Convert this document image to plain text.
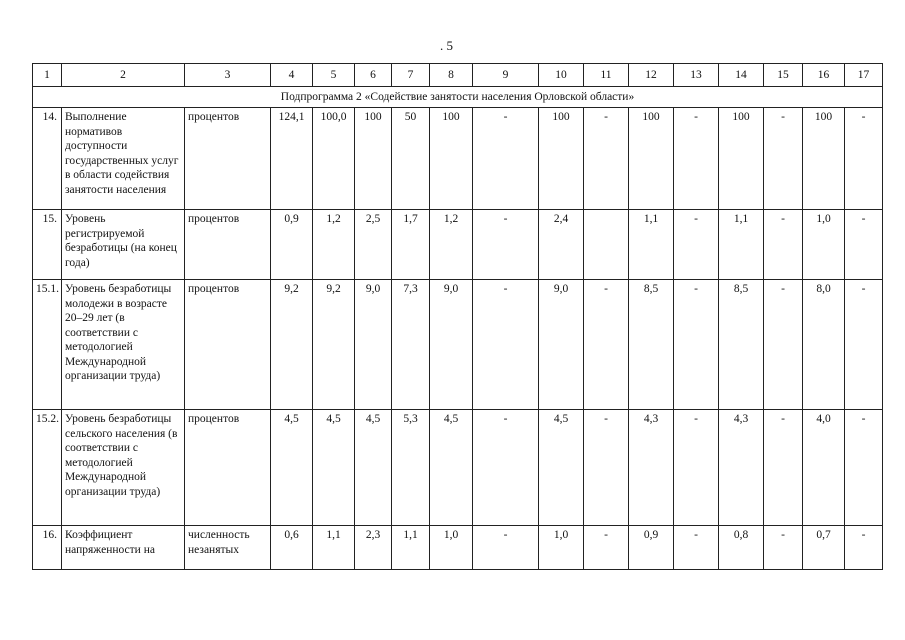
. 5
1	2	3	4	5	6	7	8	9	10	11	12	13	14	15	16	17
Подпрограмма 2 «Содействие занятости населения Орловской области»																
14.	Выполнение нормативов доступности государственных услуг в области содействия занятости населения	процентов	124,1	100,0	100	50	100	-	100	-	100	-	100	-	100	-
15.	Уровень регистрируемой безработицы (на конец года)	процентов	0,9	1,2	2,5	1,7	1,2	-	2,4		1,1	-	1,1	-	1,0	-
15.1.	Уровень безработицы молодежи в возрасте 20–29 лет (в соответствии с методологией Международной организации труда)	процентов	9,2	9,2	9,0	7,3	9,0	-	9,0	-	8,5	-	8,5	-	8,0	-
15.2.	Уровень безработицы сельского населения (в соответствии с методологией Международной организации труда)	процентов	4,5	4,5	4,5	5,3	4,5	-	4,5	-	4,3	-	4,3	-	4,0	-
16.	Коэффициент напряженности на	численность незанятых	0,6	1,1	2,3	1,1	1,0	-	1,0	-	0,9	-	0,8	-	0,7	-
